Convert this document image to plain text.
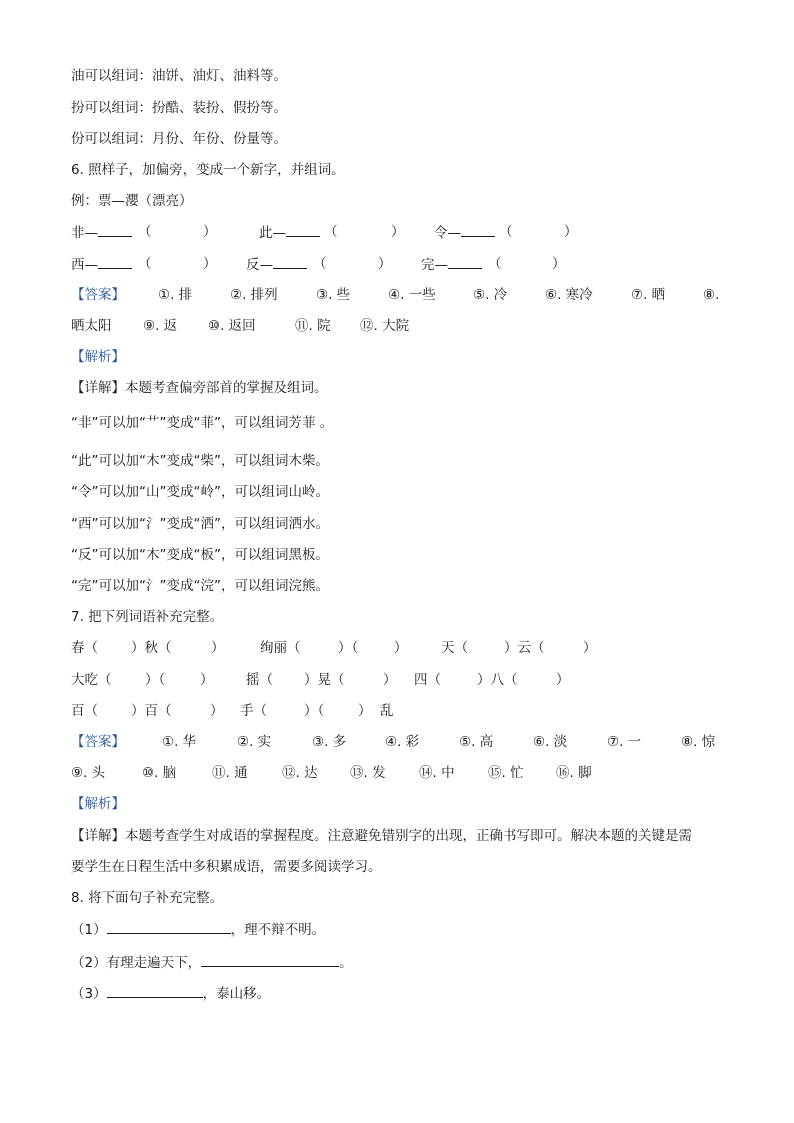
油可以组词：油饼、油灯、油料等。
扮可以组词：扮酷、装扮、假扮等。
份可以组词：月份、年份、份量等。
6. 照样子，加偏旁，变成一个新字，并组词。
例：票—瀴（漂亮）
非—	（	）	此—	（	） 令—	（	）
西—	（	） 反—	（	） 完—	（	）
【答案】 ①. 排	②. 排列	③. 些	④. 一些	⑤. 冷	⑥. 寒冷	⑦. 晒	⑧.
晒太阳 ⑨. 返 ⑩. 返回	⑪. 院 ⑫. 大院
【解析】
【详解】本题考查偏旁部首的掌握及组词。
“非”可以加“艹”变成“菲”，可以组词芳菲 。
“此”可以加“木”变成“柴”，可以组词木柴。
“令”可以加“山”变成“岭”，可以组词山岭。
“西”可以加“氵”变成“洒”，可以组词洒水。
“反”可以加“木”变成“板”，可以组词黑板。
“完”可以加“氵”变成“浣”，可以组词浣熊。
7. 把下列词语补充完整。
春（ ）秋（	）	绚丽（	）（	） 天（	）云（	）
大吃（ ）（	） 摇（ ）晃（	） 四（	）八（	）
百（ ）百（	） 手（	）（	） 乱
【答案】	①. 华	②. 实	③. 多	④. 彩	⑤. 高	⑥. 淡	⑦. 一	⑧. 惊
⑨. 头	⑩. 脑	⑪. 通	⑫. 达 ⑬. 发 ⑭. 中 ⑮. 忙 ⑯. 脚
【解析】
【详解】本题考查学生对成语的掌握程度。注意避免错别字的出现，正确书写即可。解决本题的关键是需
要学生在日程生活中多积累成语，需要多阅读学习。
8. 将下面句子补充完整。
（1）	，理不辩不明。
（2）有理走遍天下，	。
（3）	，泰山移。
